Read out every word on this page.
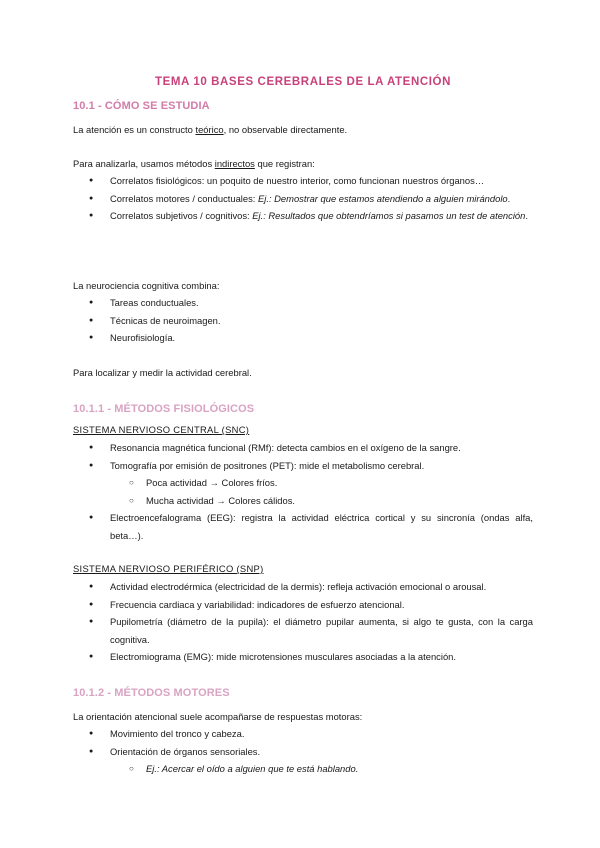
TEMA 10 BASES CEREBRALES DE LA ATENCIÓN
10.1 - CÓMO SE ESTUDIA
La atención es un constructo teórico, no observable directamente.
Para analizarla, usamos métodos indirectos que registran:
● Correlatos fisiológicos: un poquito de nuestro interior, como funcionan nuestros órganos…
● Correlatos motores / conductuales: Ej.: Demostrar que estamos atendiendo a alguien mirándolo.
● Correlatos subjetivos / cognitivos: Ej.: Resultados que obtendríamos si pasamos un test de atención.
La neurociencia cognitiva combina:
● Tareas conductuales.
● Técnicas de neuroimagen.
● Neurofisiología.
Para localizar y medir la actividad cerebral.
10.1.1 - MÉTODOS FISIOLÓGICOS
SISTEMA NERVIOSO CENTRAL (SNC)
● Resonancia magnética funcional (RMf): detecta cambios en el oxígeno de la sangre.
● Tomografía por emisión de positrones (PET): mide el metabolismo cerebral.
○ Poca actividad → Colores fríos.
○ Mucha actividad → Colores cálidos.
● Electroencefalograma (EEG): registra la actividad eléctrica cortical y su sincronía (ondas alfa, beta…).
SISTEMA NERVIOSO PERIFÉRICO (SNP)
● Actividad electrodérmica (electricidad de la dermis): refleja activación emocional o arousal.
● Frecuencia cardiaca y variabilidad: indicadores de esfuerzo atencional.
● Pupilometría (diámetro de la pupila): el diámetro pupilar aumenta, si algo te gusta, con la carga cognitiva.
● Electromiograma (EMG): mide microtensiones musculares asociadas a la atención.
10.1.2 - MÉTODOS MOTORES
La orientación atencional suele acompañarse de respuestas motoras:
● Movimiento del tronco y cabeza.
● Orientación de órganos sensoriales.
○ Ej.: Acercar el oído a alguien que te está hablando.
